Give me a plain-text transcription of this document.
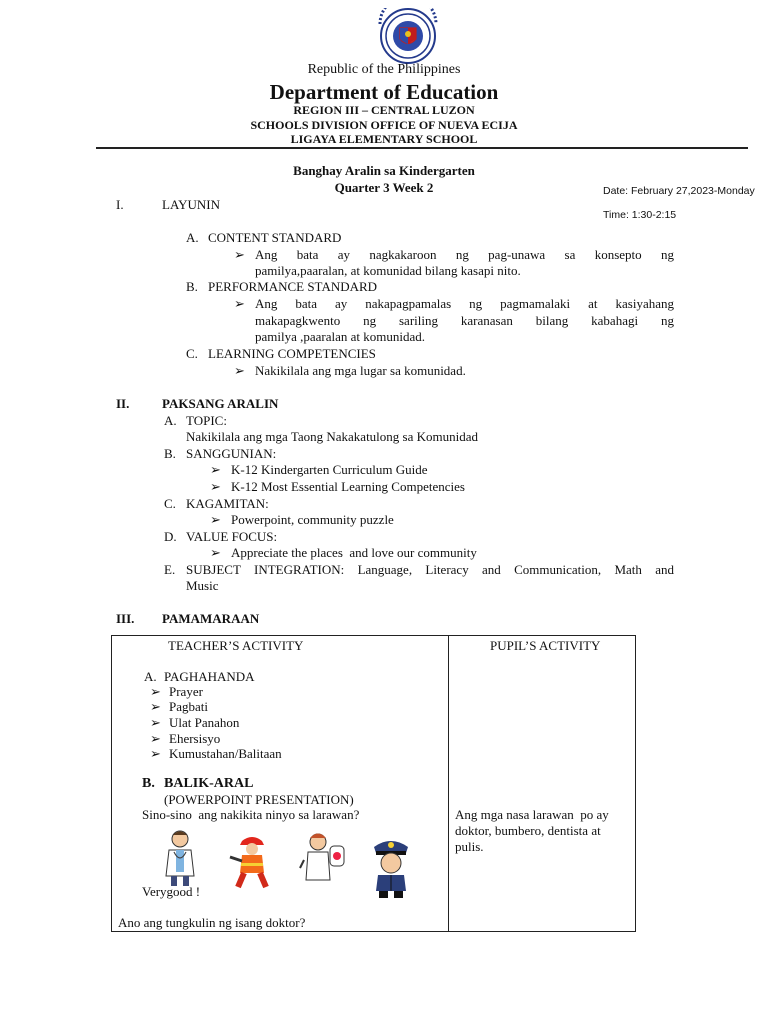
Republic of the Philippines
Department of Education
REGION III – CENTRAL LUZON
SCHOOLS DIVISION OFFICE OF NUEVA ECIJA
LIGAYA ELEMENTARY SCHOOL
Banghay Aralin sa Kindergarten
Quarter 3 Week 2	Date: February 27,2023-Monday
Time: 1:30-2:15
I.	LAYUNIN
A. CONTENT STANDARD
➢ Ang bata ay nagkakaroon ng pag-unawa sa konsepto ng
pamilya,paaralan, at komunidad bilang kasapi nito.
B. PERFORMANCE STANDARD
➢ Ang bata ay nakapagpamalas ng pagmamalaki at kasiyahang
makapagkwento ng sariling karanasan bilang kabahagi ng
pamilya ,paaralan at komunidad.
C. LEARNING COMPETENCIES
➢ Nakikilala ang mga lugar sa komunidad.
II.	PAKSANG ARALIN
A. TOPIC:
Nakikilala ang mga Taong Nakakatulong sa Komunidad
B. SANGGUNIAN:
➢ K-12 Kindergarten Curriculum Guide
➢ K-12 Most Essential Learning Competencies
C. KAGAMITAN:
➢ Powerpoint, community puzzle
D. VALUE FOCUS:
➢ Appreciate the places  and love our community
E. SUBJECT INTEGRATION: Language, Literacy and Communication, Math and
Music
III. PAMAMARAAN
TEACHER’S ACTIVITY	PUPIL’S ACTIVITY
A. PAGHAHANDA
➢ Prayer
➢ Pagbati
➢ Ulat Panahon
➢ Ehersisyo
➢ Kumustahan/Balitaan
B. BALIK-ARAL
(POWERPOINT PRESENTATION)
Sino-sino  ang nakikita ninyo sa larawan?
Verygood !
Ano ang tungkulin ng isang doktor?
Ang mga nasa larawan  po ay
doktor, bumbero, dentista at
pulis.
